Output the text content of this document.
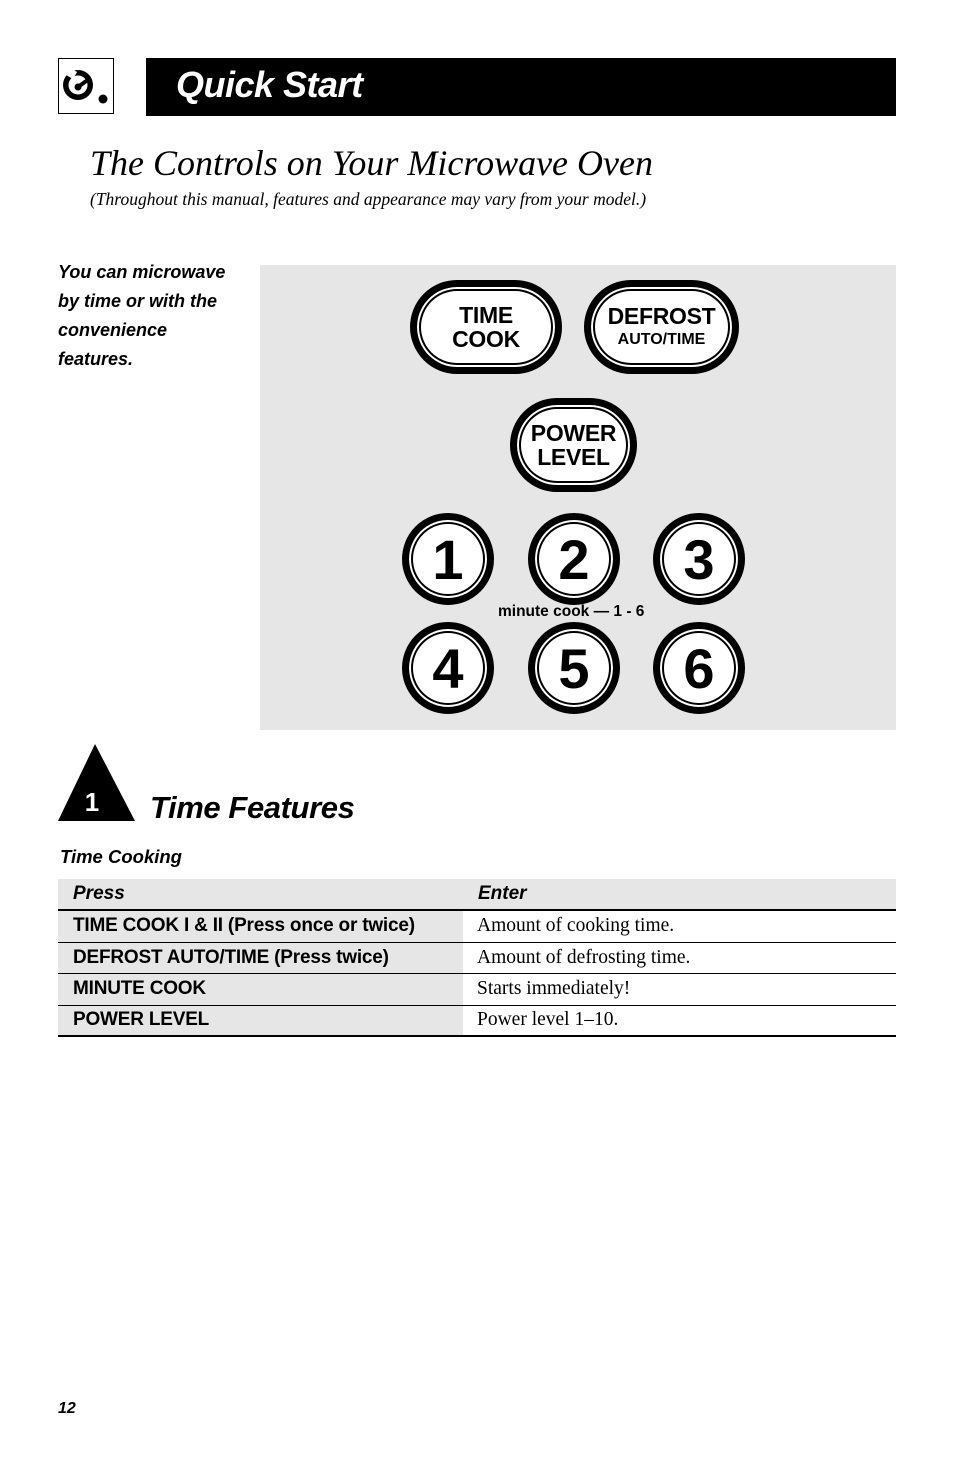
Quick Start
The Controls on Your Microwave Oven
(Throughout this manual, features and appearance may vary from your model.)
You can microwave by time or with the convenience features.
TIME
COOK
DEFROST
AUTO/TIME
POWER
LEVEL
1	2	3
4	5	6
minute cook — 1 - 6
1 Time Features
Time Cooking
Press	Enter
TIME COOK I & II (Press once or twice)	Amount of cooking time.
DEFROST AUTO/TIME (Press twice)	Amount of defrosting time.
MINUTE COOK	Starts immediately!
POWER LEVEL	Power level 1–10.
12
